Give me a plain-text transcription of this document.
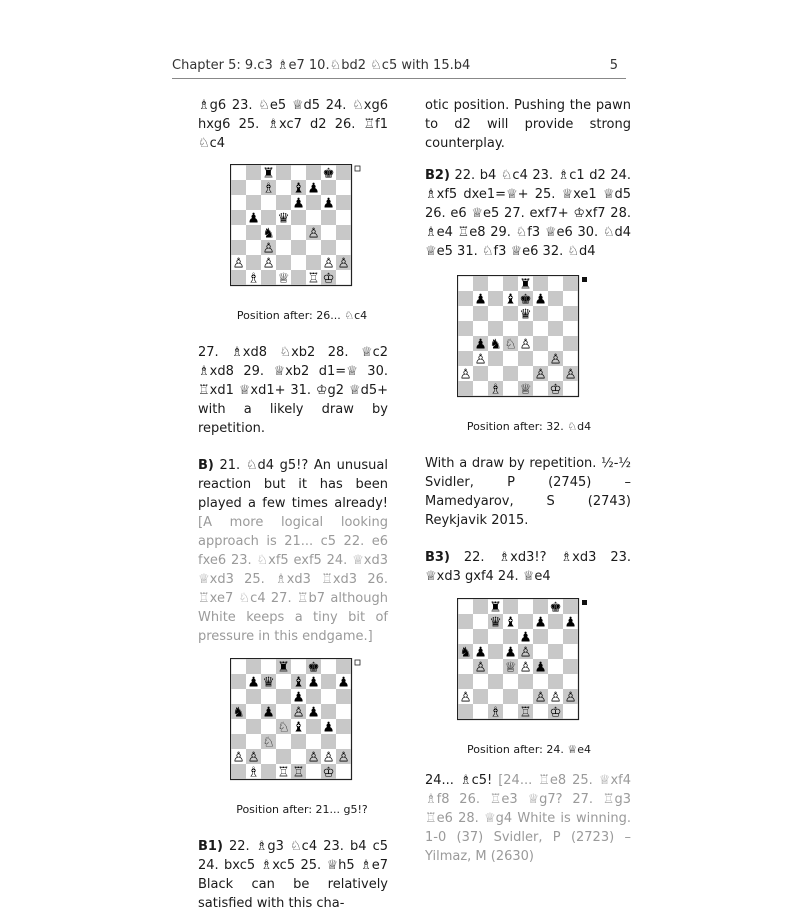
Chapter 5: 9.c3 ♗e7 10.♘bd2 ♘c5 with 15.b4	5

♗g6 23. ♘e5 ♕d5 24. ♘xg6 hxg6 25. ♗xc7 d2 26. ♖f1 ♘c4

♜	♚
♗ ♝ ♟
♟ ♟
♟ ♛
♞ ♙
♙
♙ ♙	♙ ♙
♗ ♕ ♖ ♔
Position after: 26... ♘c4

27. ♗xd8 ♘xb2 28. ♕c2 ♗xd8 29. ♕xb2 d1=♕ 30. ♖xd1 ♕xd1+ 31. ♔g2 ♕d5+ with a likely draw by repetition.

B) 21. ♘d4 g5!? An unusual reaction but it has been played a few times already! [A more logical looking approach is 21... c5 22. e6 fxe6 23. ♘xf5 exf5 24. ♕xd3 ♕xd3 25. ♗xd3 ♖xd3 26. ♖xe7 ♘c4 27. ♖b7 although White keeps a tiny bit of pressure in this endgame.]

♜ ♚
♟ ♛ ♝ ♟ ♟
♟
♞ ♟ ♙ ♟
♘ ♝ ♟
♘
♙ ♙	♙ ♙ ♙
♗ ♖ ♖ ♔
Position after: 21... g5!?

B1) 22. ♗g3 ♘c4 23. b4 c5 24. bxc5 ♗xc5 25. ♕h5 ♗e7 Black can be relatively satisfied with this cha-

otic position. Pushing the pawn to d2 will provide strong counterplay.

B2) 22. b4 ♘c4 23. ♗c1 d2 24. ♗xf5 dxe1=♕+ 25. ♕xe1 ♕d5 26. e6 ♕e5 27. exf7+ ♔xf7 28. ♗e4 ♖e8 29. ♘f3 ♕e6 30. ♘d4 ♕e5 31. ♘f3 ♕e6 32. ♘d4

♜
♟ ♝ ♚ ♟
♛
♟ ♞ ♘ ♙
♙	♙
♙	♙ ♙
♗ ♕ ♔
Position after: 32. ♘d4

With a draw by repetition. ½-½ Svidler, P (2745) – Mamedyarov, S (2743) Reykjavik 2015.

B3) 22. ♗xd3!? ♗xd3 23. ♕xd3 gxf4 24. ♕e4

♜	♚
♛ ♝ ♟ ♟
♟
♞ ♟ ♟ ♙
♙ ♕ ♙ ♟
♙	♙ ♙ ♙
♗ ♖ ♔
Position after: 24. ♕e4

24... ♗c5! [24... ♖e8 25. ♕xf4 ♗f8 26. ♖e3 ♕g7? 27. ♖g3 ♖e6 28. ♕g4 White is winning. 1-0 (37) Svidler, P (2723) – Yilmaz, M (2630)
